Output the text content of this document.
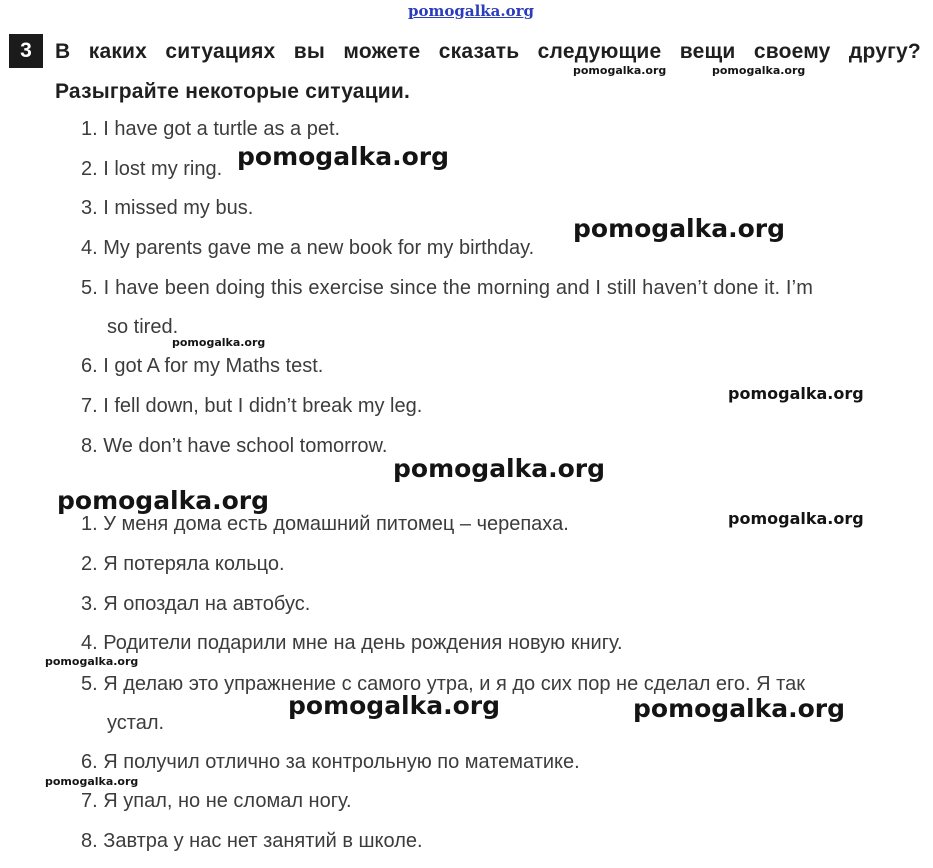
pomogalka.org
3	В каких ситуациях вы можете сказать следующие вещи своему другу?
Разыграйте некоторые ситуации.
1. I have got a turtle as a pet.
2. I lost my ring.
3. I missed my bus.
4. My parents gave me a new book for my birthday.
5. I have been doing this exercise since the morning and I still haven’t done it. I’m
so tired.
6. I got A for my Maths test.
7. I fell down, but I didn’t break my leg.
8. We don’t have school tomorrow.
1. У меня дома есть домашний питомец – черепаха.
2. Я потеряла кольцо.
3. Я опоздал на автобус.
4. Родители подарили мне на день рождения новую книгу.
5. Я делаю это упражнение с самого утра, и я до сих пор не сделал его. Я так
устал.
6. Я получил отлично за контрольную по математике.
7. Я упал, но не сломал ногу.
8. Завтра у нас нет занятий в школе.
pomogalka.org	pomogalka.org
pomogalka.org
pomogalka.org
pomogalka.org
pomogalka.org
pomogalka.org
pomogalka.org
pomogalka.org
pomogalka.org
pomogalka.org	pomogalka.org
pomogalka.org
